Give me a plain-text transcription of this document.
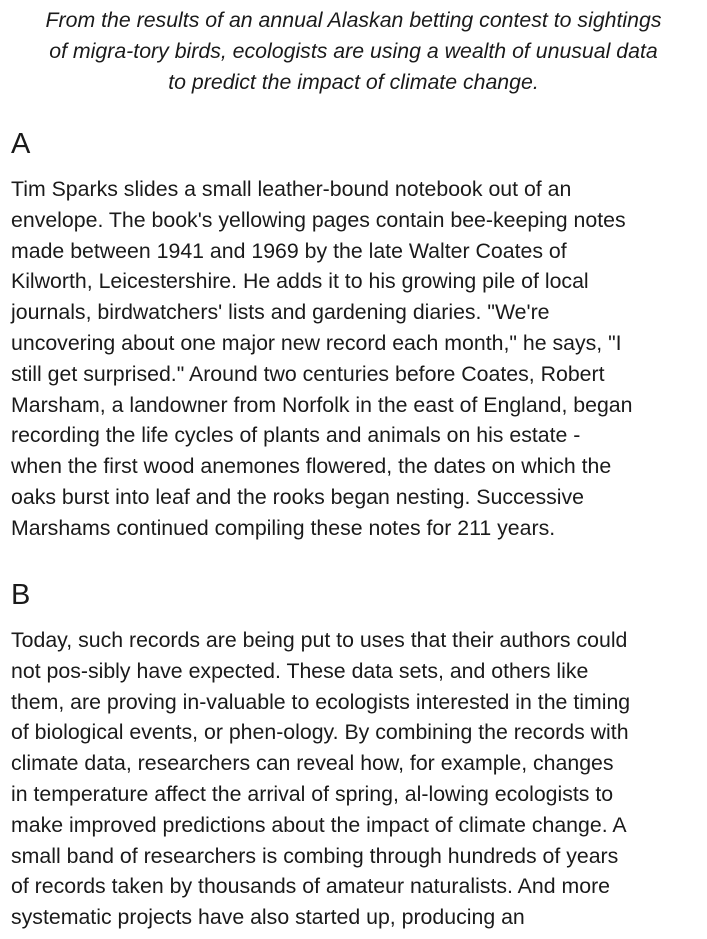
From the results of an annual Alaskan betting contest to sightings
of migra-tory birds, ecologists are using a wealth of unusual data
to predict the impact of climate change.
A
Tim Sparks slides a small leather-bound notebook out of an
envelope. The book's yellowing pages contain bee-keeping notes
made between 1941 and 1969 by the late Walter Coates of
Kilworth, Leicestershire. He adds it to his growing pile of local
journals, birdwatchers' lists and gardening diaries. "We're
uncovering about one major new record each month," he says, "I
still get surprised." Around two centuries before Coates, Robert
Marsham, a landowner from Norfolk in the east of England, began
recording the life cycles of plants and animals on his estate -
when the first wood anemones flowered, the dates on which the
oaks burst into leaf and the rooks began nesting. Successive
Marshams continued compiling these notes for 211 years.
B
Today, such records are being put to uses that their authors could
not pos-sibly have expected. These data sets, and others like
them, are proving in-valuable to ecologists interested in the timing
of biological events, or phen-ology. By combining the records with
climate data, researchers can reveal how, for example, changes
in temperature affect the arrival of spring, al-lowing ecologists to
make improved predictions about the impact of climate change. A
small band of researchers is combing through hundreds of years
of records taken by thousands of amateur naturalists. And more
systematic projects have also started up, producing an
